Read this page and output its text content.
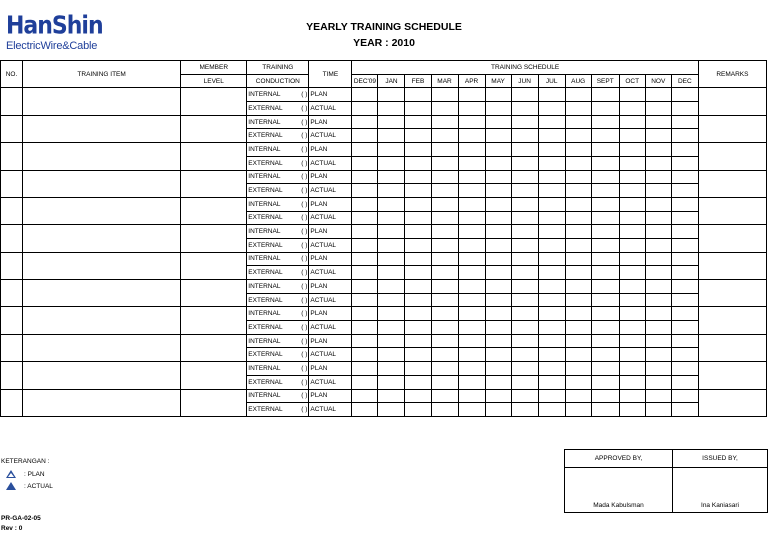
HanShin
ElectricWire&Cable
YEARLY TRAINING SCHEDULE
YEAR : 2010
NO.	TRAINING ITEM	MEMBER	TRAINING	TIME	TRAINING SCHEDULE													REMARKS
		LEVEL	CONDUCTION		DEC'09	JAN	FEB	MAR	APR	MAY	JUN	JUL	AUG	SEPT	OCT	NOV	DEC	
			INTERNAL ( )	PLAN														
			EXTERNAL ( )	ACTUAL														
			INTERNAL ( )	PLAN														
			EXTERNAL ( )	ACTUAL														
			INTERNAL ( )	PLAN														
			EXTERNAL ( )	ACTUAL														
			INTERNAL ( )	PLAN														
			EXTERNAL ( )	ACTUAL														
			INTERNAL ( )	PLAN														
			EXTERNAL ( )	ACTUAL														
			INTERNAL ( )	PLAN														
			EXTERNAL ( )	ACTUAL														
			INTERNAL ( )	PLAN														
			EXTERNAL ( )	ACTUAL														
			INTERNAL ( )	PLAN														
			EXTERNAL ( )	ACTUAL														
			INTERNAL ( )	PLAN														
			EXTERNAL ( )	ACTUAL														
			INTERNAL ( )	PLAN														
			EXTERNAL ( )	ACTUAL														
			INTERNAL ( )	PLAN														
			EXTERNAL ( )	ACTUAL														
			INTERNAL ( )	PLAN														
			EXTERNAL ( )	ACTUAL														
KETERANGAN :
: PLAN
: ACTUAL
APPROVED BY,	ISSUED BY,
Mada Kabulsman	Ina Kaniasari
PR-GA-02-05
Rev : 0
